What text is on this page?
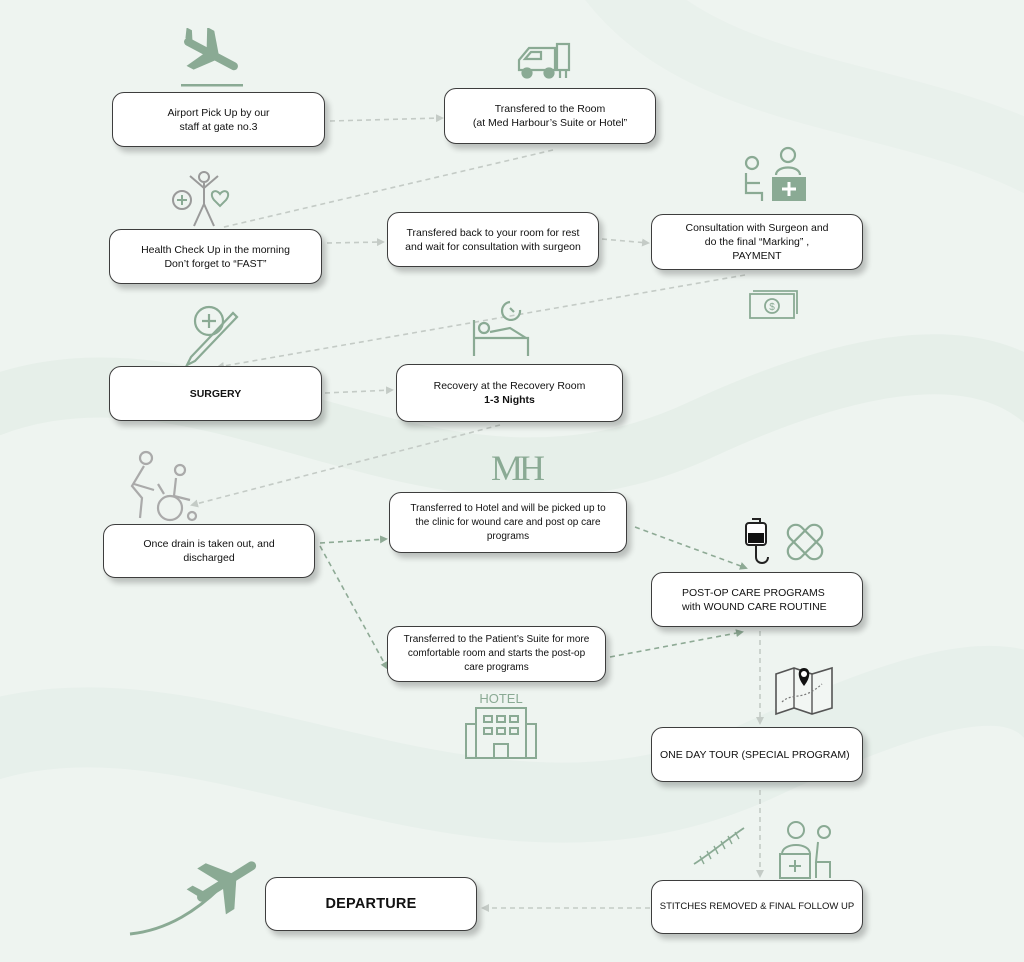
$
HOTEL
MH
Airport Pick Up by our
staff at gate no.3
Transfered to the Room
(at Med Harbour’s Suite or Hotel”
Health Check Up in the morning
Don’t forget to “FAST”
Transfered back to your room for rest
and wait for consultation with surgeon
Consultation with Surgeon and
do the final “Marking” ,
PAYMENT
SURGERY
Recovery at the Recovery Room
1-3 Nights
Once drain is taken out, and
discharged
Transferred to Hotel and will be picked up to
the clinic for wound care and post op care
programs
Transferred to the Patient’s Suite for more
comfortable room and starts the post-op
care programs
POST-OP CARE PROGRAMS
with WOUND CARE ROUTINE
ONE DAY TOUR (SPECIAL PROGRAM)
STITCHES REMOVED & FINAL FOLLOW UP
DEPARTURE
